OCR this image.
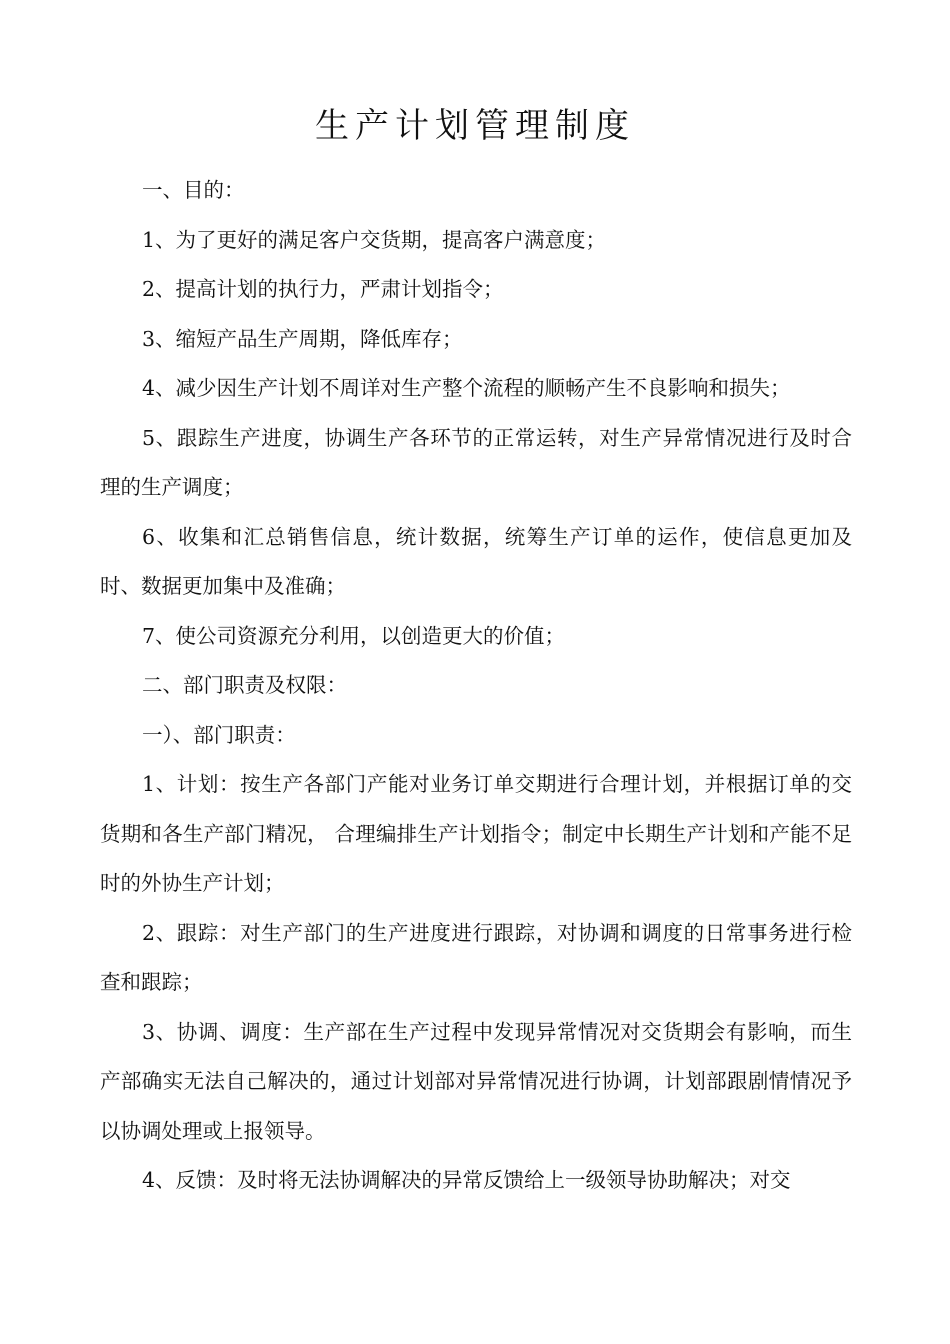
生产计划管理制度

一、目的：

1、为了更好的满足客户交货期，提高客户满意度；

2、提高计划的执行力，严肃计划指令；

3、缩短产品生产周期，降低库存；

4、减少因生产计划不周详对生产整个流程的顺畅产生不良影响和损失；

5、跟踪生产进度，协调生产各环节的正常运转，对生产异常情况进行及时合理的生产调度；

6、收集和汇总销售信息，统计数据，统筹生产订单的运作，使信息更加及时、数据更加集中及准确；

7、使公司资源充分利用，以创造更大的价值；

二、部门职责及权限：

一）、部门职责：

1、计划：按生产各部门产能对业务订单交期进行合理计划，并根据订单的交货期和各生产部门精况， 合理编排生产计划指令；制定中长期生产计划和产能不足时的外协生产计划；

2、跟踪：对生产部门的生产进度进行跟踪，对协调和调度的日常事务进行检查和跟踪；

3、协调、调度：生产部在生产过程中发现异常情况对交货期会有影响，而生产部确实无法自己解决的，通过计划部对异常情况进行协调，计划部跟剧情情况予以协调处理或上报领导。

4、反馈：及时将无法协调解决的异常反馈给上一级领导协助解决；对交
